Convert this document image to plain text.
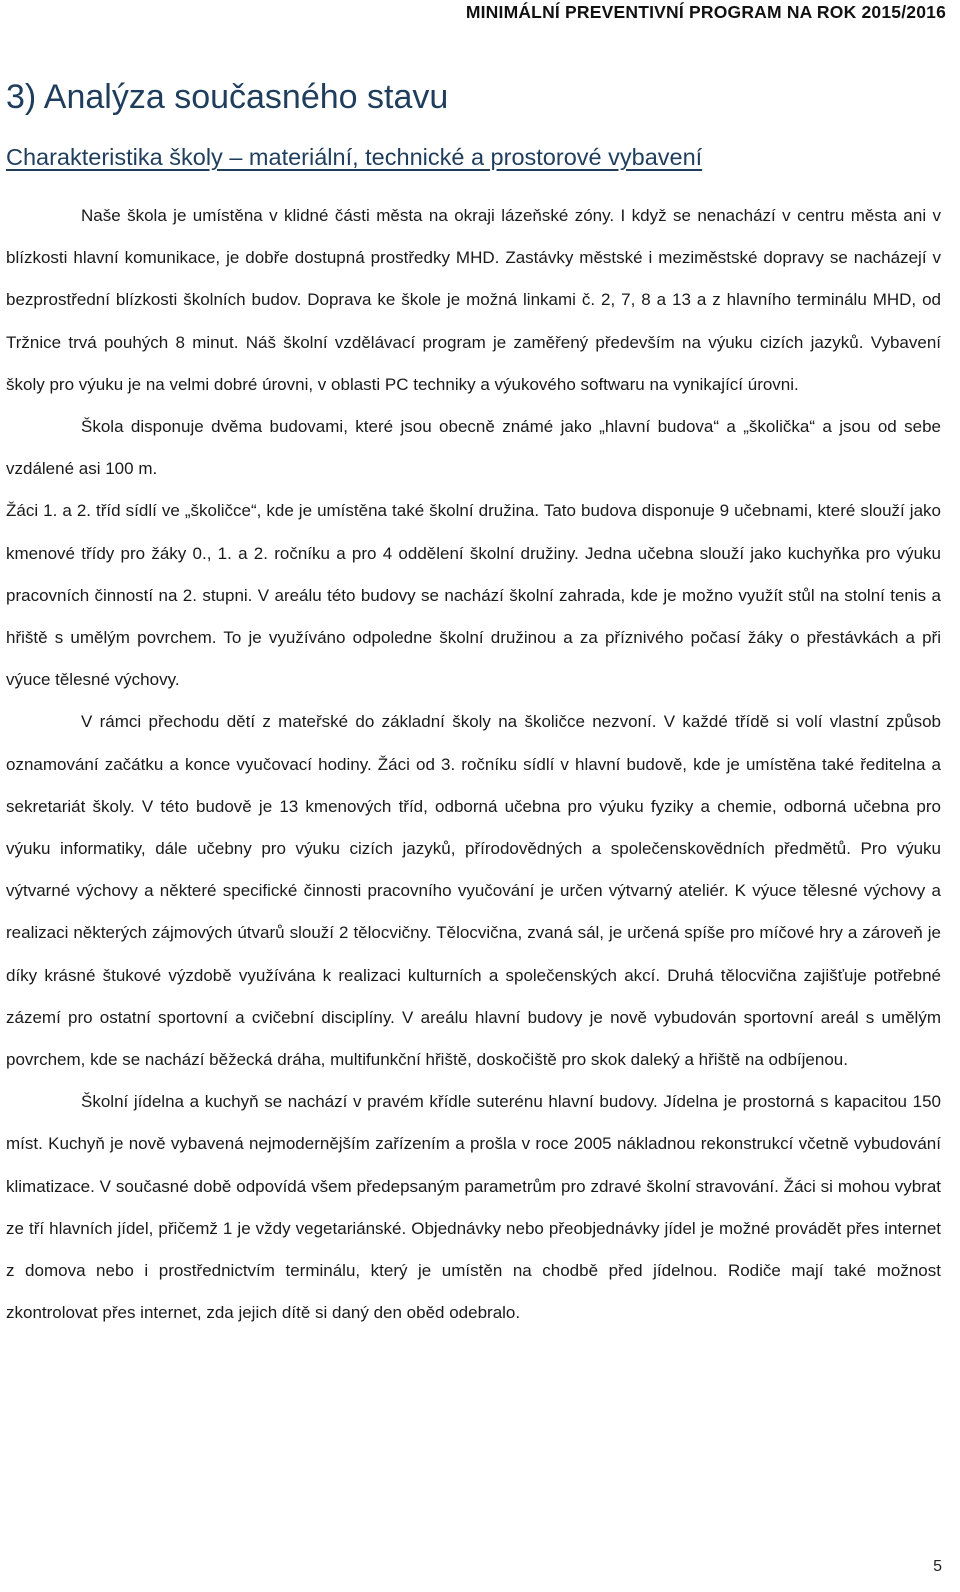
MINIMÁLNÍ PREVENTIVNÍ PROGRAM NA ROK 2015/2016
3) Analýza současného stavu
Charakteristika školy – materiální, technické a prostorové vybavení

Naše škola je umístěna v klidné části města na okraji lázeňské zóny. I když se nenachází v centru města ani v blízkosti hlavní komunikace, je dobře dostupná prostředky MHD. Zastávky městské i meziměstské dopravy se nacházejí v bezprostřední blízkosti školních budov. Doprava ke škole je možná linkami č. 2, 7, 8 a 13 a z hlavního terminálu MHD, od Tržnice trvá pouhých 8 minut. Náš školní vzdělávací program je zaměřený především na výuku cizích jazyků. Vybavení školy pro výuku je na velmi dobré úrovni, v oblasti PC techniky a výukového softwaru na vynikající úrovni.

Škola disponuje dvěma budovami, které jsou obecně známé jako „hlavní budova“ a „školička“ a jsou od sebe vzdálené asi 100 m.

Žáci 1. a 2. tříd sídlí ve „školičce“, kde je umístěna také školní družina. Tato budova disponuje 9 učebnami, které slouží jako kmenové třídy pro žáky 0., 1. a 2. ročníku a pro 4 oddělení školní družiny. Jedna učebna slouží jako kuchyňka pro výuku pracovních činností na 2. stupni. V areálu této budovy se nachází školní zahrada, kde je možno využít stůl na stolní tenis a hřiště s umělým povrchem. To je využíváno odpoledne školní družinou a za příznivého počasí žáky o přestávkách a při výuce tělesné výchovy.

V rámci přechodu dětí z mateřské do základní školy na školičce nezvoní. V každé třídě si volí vlastní způsob oznamování začátku a konce vyučovací hodiny. Žáci od 3. ročníku sídlí v hlavní budově, kde je umístěna také ředitelna a sekretariát školy. V této budově je 13 kmenových tříd, odborná učebna pro výuku fyziky a chemie, odborná učebna pro výuku informatiky, dále učebny pro výuku cizích jazyků, přírodovědných a společenskovědních předmětů. Pro výuku výtvarné výchovy a některé specifické činnosti pracovního vyučování je určen výtvarný ateliér. K výuce tělesné výchovy a realizaci některých zájmových útvarů slouží 2 tělocvičny. Tělocvična, zvaná sál, je určená spíše pro míčové hry a zároveň je díky krásné štukové výzdobě využívána k realizaci kulturních a společenských akcí. Druhá tělocvična zajišťuje potřebné zázemí pro ostatní sportovní a cvičební disciplíny. V areálu hlavní budovy je nově vybudován sportovní areál s umělým povrchem, kde se nachází běžecká dráha, multifunkční hřiště, doskočiště pro skok daleký a hřiště na odbíjenou.

Školní jídelna a kuchyň se nachází v pravém křídle suterénu hlavní budovy. Jídelna je prostorná s kapacitou 150 míst. Kuchyň je nově vybavená nejmodernějším zařízením a prošla v roce 2005 nákladnou rekonstrukcí včetně vybudování klimatizace. V současné době odpovídá všem předepsaným parametrům pro zdravé školní stravování. Žáci si mohou vybrat ze tří hlavních jídel, přičemž 1 je vždy vegetariánské. Objednávky nebo přeobjednávky jídel je možné provádět přes internet z domova nebo i prostřednictvím terminálu, který je umístěn na chodbě před jídelnou. Rodiče mají také možnost zkontrolovat přes internet, zda jejich dítě si daný den oběd odebralo.

5
